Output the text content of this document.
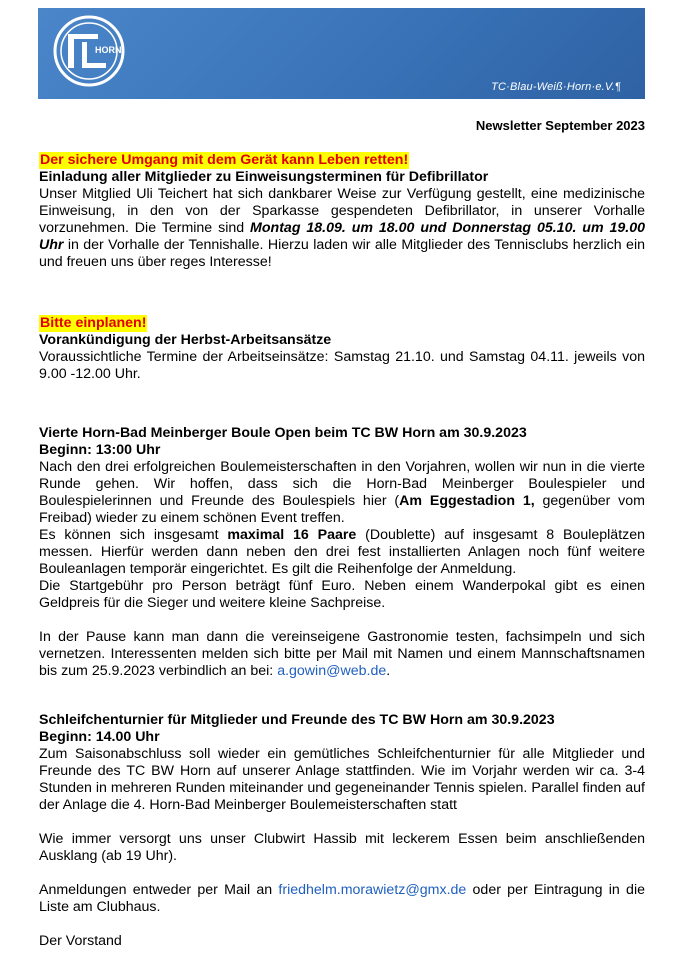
HORN
TC·Blau-Weiß·Horn·e.V.¶
Newsletter September 2023
Der sichere Umgang mit dem Gerät kann Leben retten!
Einladung aller Mitglieder zu Einweisungsterminen für Defibrillator

Unser Mitglied Uli Teichert hat sich dankbarer Weise zur Verfügung gestellt, eine medizinische Einweisung, in den von der Sparkasse gespendeten Defibrillator, in unserer Vorhalle vorzunehmen. Die Termine sind Montag 18.09. um 18.00 und Donnerstag 05.10. um 19.00 Uhr in der Vorhalle der Tennishalle. Hierzu laden wir alle Mitglieder des Tennisclubs herzlich ein und freuen uns über reges Interesse!

Bitte einplanen!
Vorankündigung der Herbst-Arbeitsansätze

Voraussichtliche Termine der Arbeitseinsätze: Samstag 21.10. und Samstag 04.11. jeweils von 9.00 -12.00 Uhr.

Vierte Horn-Bad Meinberger Boule Open beim TC BW Horn am 30.9.2023
Beginn: 13:00 Uhr

Nach den drei erfolgreichen Boulemeisterschaften in den Vorjahren, wollen wir nun in die vierte Runde gehen. Wir hoffen, dass sich die Horn-Bad Meinberger Boulespieler und Boulespielerinnen und Freunde des Boulespiels hier (Am Eggestadion 1, gegenüber vom Freibad) wieder zu einem schönen Event treffen.

Es können sich insgesamt maximal 16 Paare (Doublette) auf insgesamt 8 Bouleplätzen messen. Hierfür werden dann neben den drei fest installierten Anlagen noch fünf weitere Bouleanlagen temporär eingerichtet. Es gilt die Reihenfolge der Anmeldung.

Die Startgebühr pro Person beträgt fünf Euro. Neben einem Wanderpokal gibt es einen Geldpreis für die Sieger und weitere kleine Sachpreise.

In der Pause kann man dann die vereinseigene Gastronomie testen, fachsimpeln und sich vernetzen. Interessenten melden sich bitte per Mail mit Namen und einem Mannschaftsnamen bis zum 25.9.2023 verbindlich an bei: a.gowin@web.de.

Schleifchenturnier für Mitglieder und Freunde des TC BW Horn am 30.9.2023
Beginn: 14.00 Uhr

Zum Saisonabschluss soll wieder ein gemütliches Schleifchenturnier für alle Mitglieder und Freunde des TC BW Horn auf unserer Anlage stattfinden. Wie im Vorjahr werden wir ca. 3-4 Stunden in mehreren Runden miteinander und gegeneinander Tennis spielen. Parallel finden auf der Anlage die 4. Horn-Bad Meinberger Boulemeisterschaften statt

Wie immer versorgt uns unser Clubwirt Hassib mit leckerem Essen beim anschließenden Ausklang (ab 19 Uhr).

Anmeldungen entweder per Mail an friedhelm.morawietz@gmx.de oder per Eintragung in die Liste am Clubhaus.

Der Vorstand
